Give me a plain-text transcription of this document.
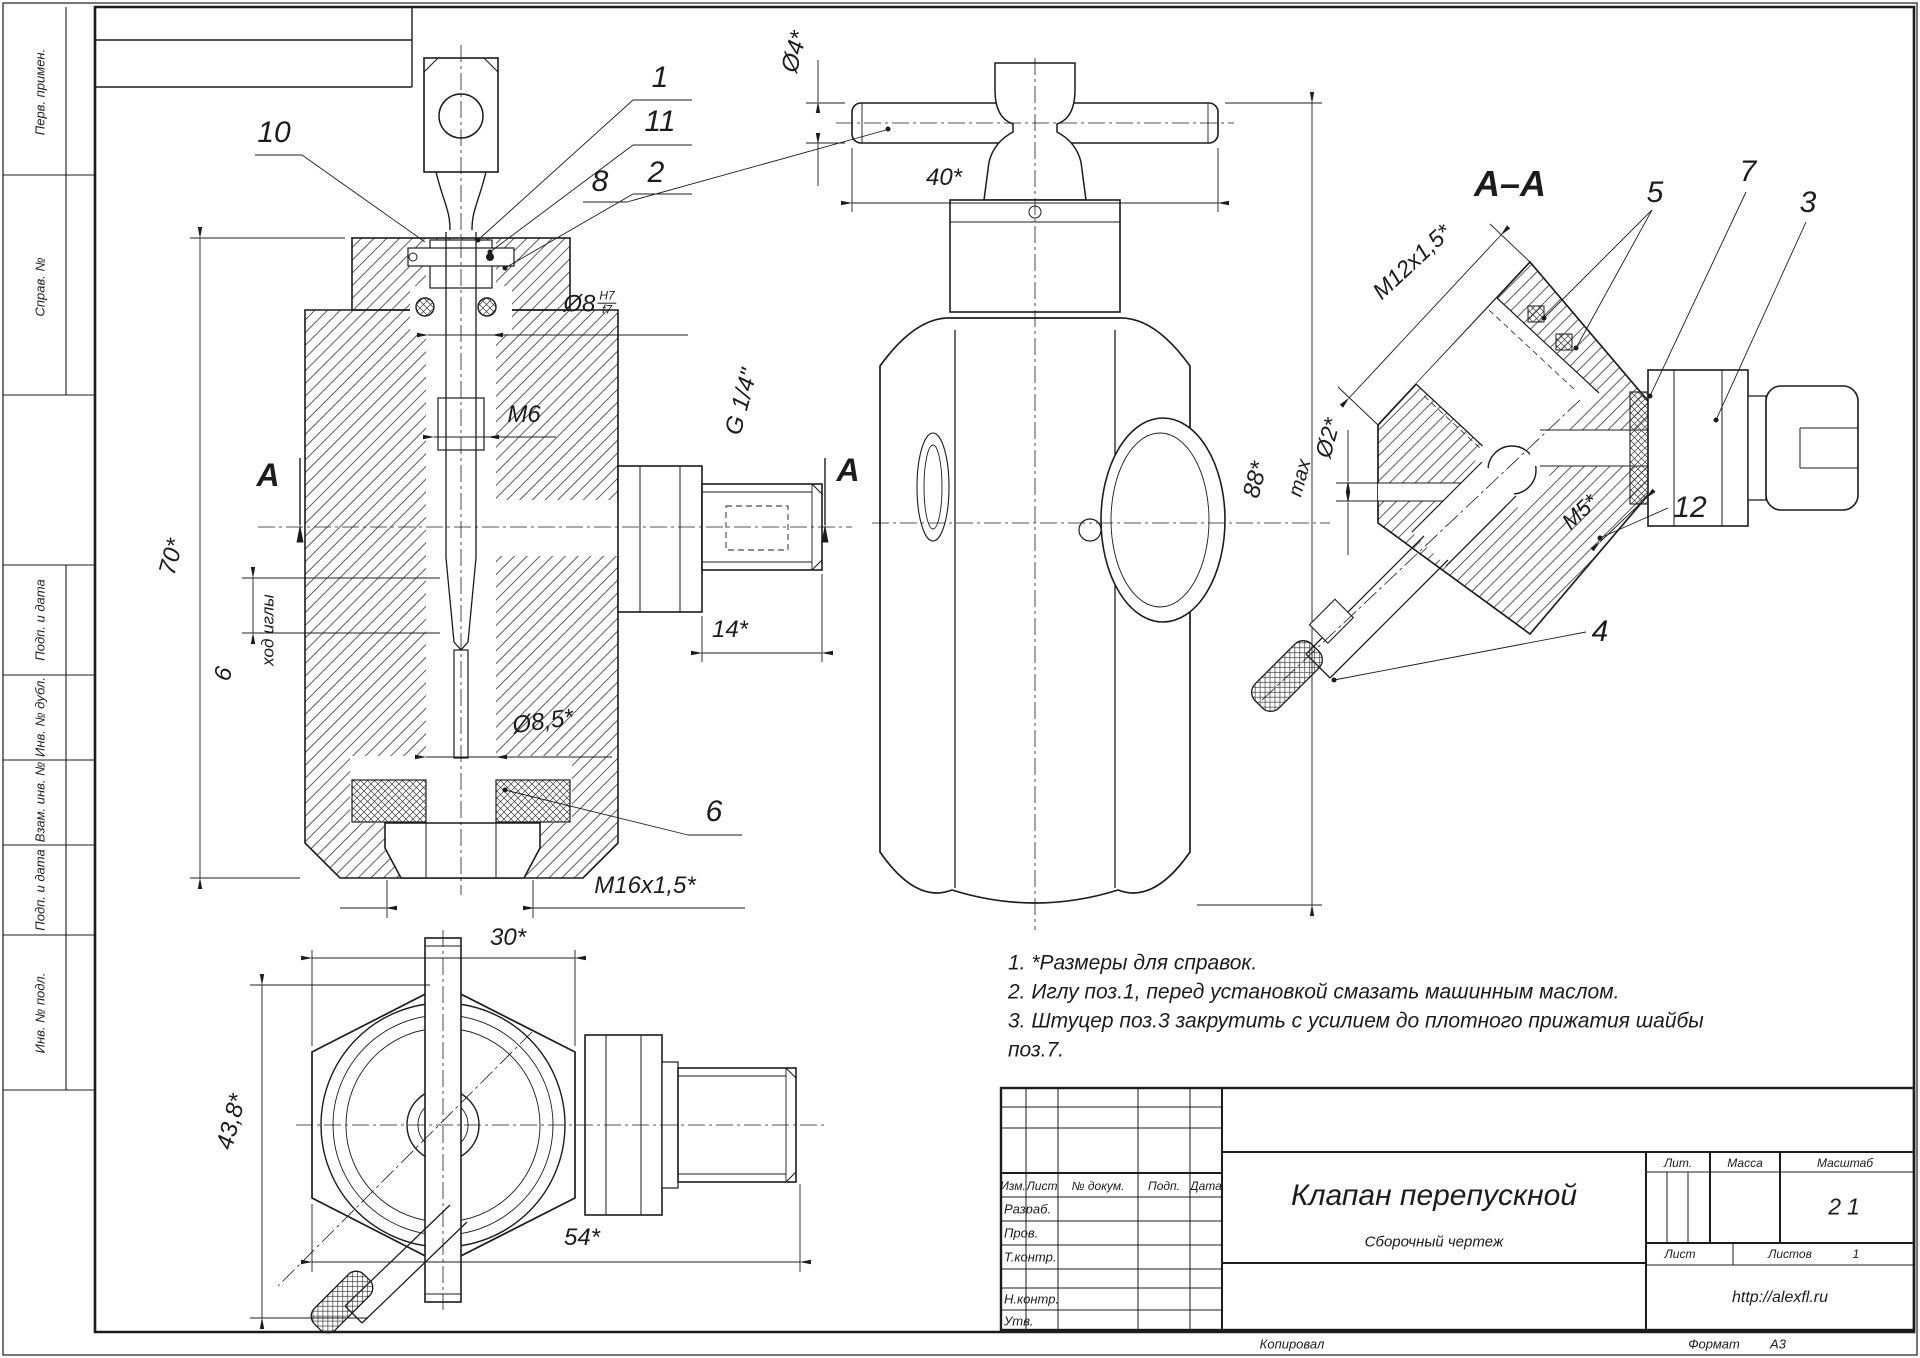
Перв. примен.
Справ. №
Подп. и дата
Инв. № дубл.
Взам. инв. №
Подп. и дата
Инв. № подл.
10
1
11
2
6
70*
6
ход иглы
Ø8 $\frac{H7}{f7}$
M6	G 1/4"
14*
Ø8,5*
M16x1,5*
А	А
8
Ø4*
40*
88*
А–А
M12x1,5*
5
7
3
12
4
Ø2*
max
M5*
30*
43,8*
54*
1. *Размеры для справок.
2. Иглу поз.1, перед установкой смазать машинным маслом.
3. Штуцер поз.3 закрутить с усилием до плотного прижатия шайбы
поз.7.
Изм. Лист № докум. Подп. Дата
Разраб.
Пров.
Т.контр.
Н.контр.
Утв.
Клапан перепускной
Сборочный чертеж
Лит.	Масса	Масштаб
21
Лист	Листов	1
http://alexfl.ru
Копировал	Формат А3
